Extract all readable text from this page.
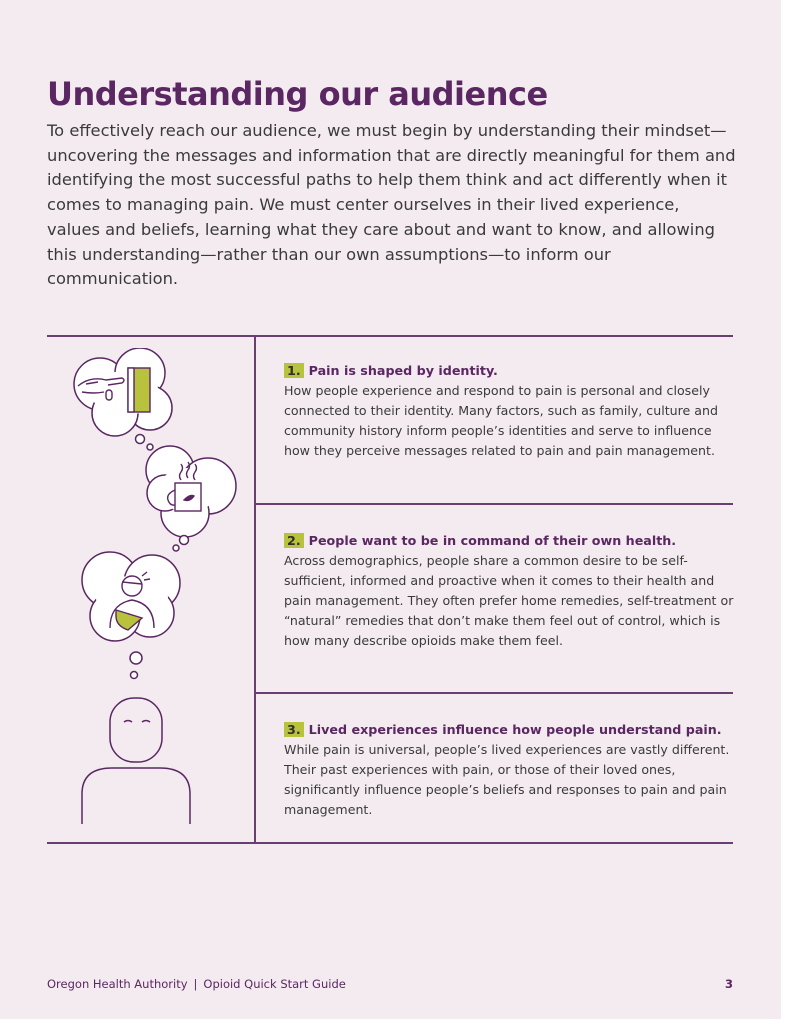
Understanding our audience

To effectively reach our audience, we must begin by understanding their mindset—uncovering the messages and information that are directly meaningful for them and identifying the most successful paths to help them think and act differently when it comes to managing pain. We must center ourselves in their lived experience, values and beliefs, learning what they care about and want to know, and allowing this understanding—rather than our own assumptions—to inform our communication.

1. Pain is shaped by identity.

How people experience and respond to pain is personal and closely connected to their identity. Many factors, such as family, culture and community history inform people’s identities and serve to influence how they perceive messages related to pain and pain management.

2. People want to be in command of their own health.

Across demographics, people share a common desire to be self-sufficient, informed and proactive when it comes to their health and pain management. They often prefer home remedies, self-treatment or “natural” remedies that don’t make them feel out of control, which is how many describe opioids make them feel.

3. Lived experiences influence how people understand pain.

While pain is universal, people’s lived experiences are vastly different. Their past experiences with pain, or those of their loved ones, significantly influence people’s beliefs and responses to pain and pain management.

Oregon Health Authority | Opioid Quick Start Guide	3
